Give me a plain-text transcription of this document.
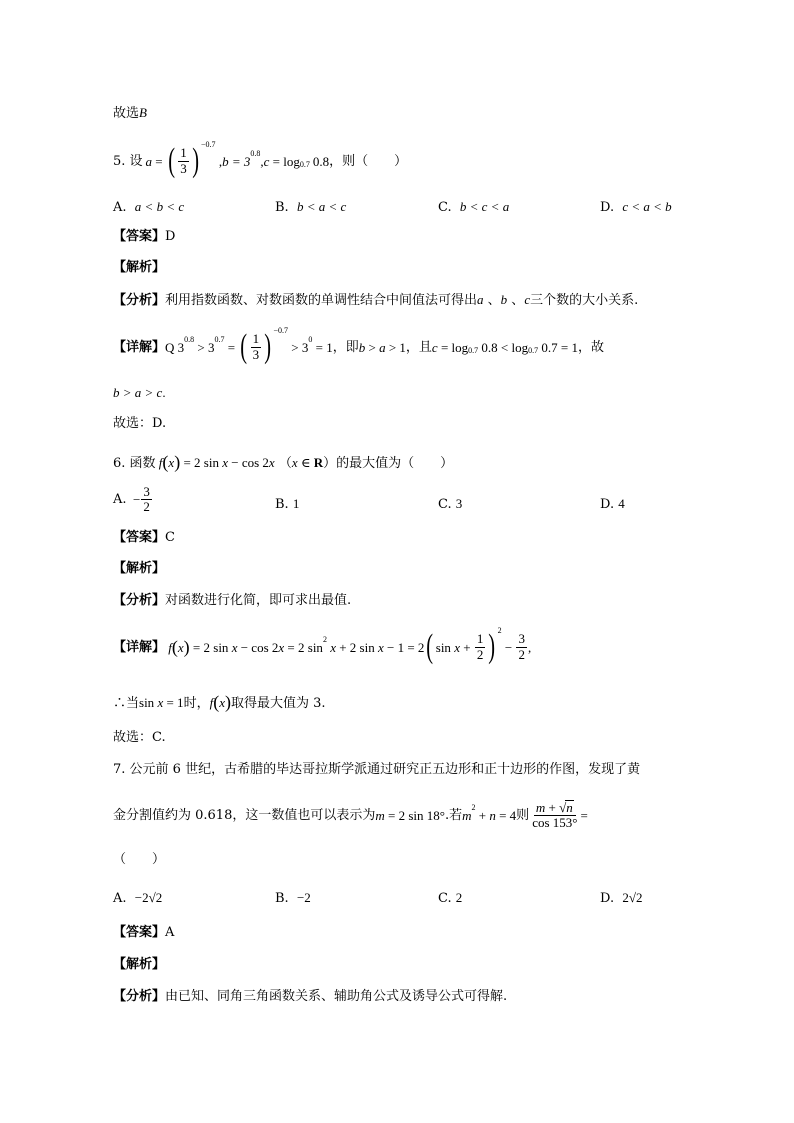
故选B
5. 设 a = ( $\frac{1}{3}$ ) −0.7
, $b = 3^{0.8}$ , $c = \log_{0.7} 0.8$ ，则（　　）
A. a < b < c	B. b < a < c	C. b < c < a	D. c < a < b
【答案】D
【解析】
【分析】利用指数函数、对数函数的单调性结合中间值法可得出a 、b 、c三个数的大小关系.
【详解】 Q $3^{0.8} > 3^{0.7}$ = ( $\frac{1}{3}$ ) −0.7
> $3^0 = 1$ ，即 b > a > 1 ，且 $c = \log_{0.7} 0.8 < \log_{0.7} 0.7 = 1$ ，故
b > a > c.
故选：D.
6. 函数 f(x) = 2 sin x − cos 2x （x ∈ R）的最大值为（　　）
A. − $\frac{3}{2}$	B. 1	C. 3	D. 4
【答案】C
【解析】
【分析】对函数进行化简，即可求出最值.
【详解】 f ( x ) = 2 sin x − cos 2 x = 2 $\sin^2 x + 2$ sin x − 1 = 2 ( $\sin x + \frac{1}{2}$ ) 2
− $\frac{3}{2}$ ,
∴当sin x = 1时，f(x)取得最大值为 3.
故选：C.
7. 公元前 6 世纪，古希腊的毕达哥拉斯学派通过研究正五边形和正十边形的作图，发现了黄
金分割值约为 0.618，这一数值也可以表示为 m = 2 sin 18° .若 $m^2 + n = 4$ 则 $\frac{m + √n}{\cos 153^\circ}$ =
（　　）
A. −2√2	B. −2	C. 2	D. 2√2
【答案】A
【解析】
【分析】由已知、同角三角函数关系、辅助角公式及诱导公式可得解.
